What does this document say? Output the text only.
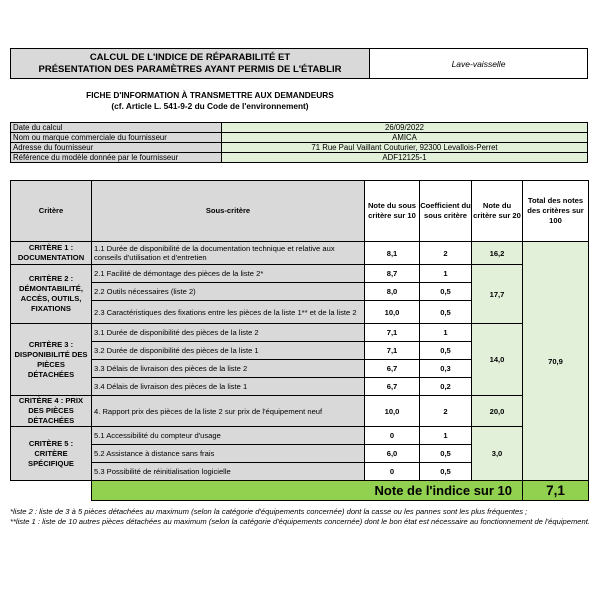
CALCUL DE L'INDICE DE RÉPARABILITÉ ET
PRÉSENTATION DES PARAMÈTRES AYANT PERMIS DE L'ÉTABLIR	Lave-vaisselle
FICHE D'INFORMATION À TRANSMETTRE AUX DEMANDEURS
(cf. Article L. 541-9-2 du Code de l'environnement)
Date du calcul	26/09/2022
Nom ou marque commerciale du fournisseur	AMICA
Adresse du fournisseur	71 Rue Paul Vaillant Couturier, 92300 Levallois-Perret
Référence du modèle donnée par le fournisseur	ADF12125-1
Critère	Sous-critère	Note du sous critère sur 10	Coefficient du sous critère	Note du critère sur 20	Total des notes des critères sur 100
CRITÈRE 1 : DOCUMENTATION	1.1 Durée de disponibilité de la documentation technique et relative aux conseils d'utilisation et d'entretien	8,1	2	16,2	70,9
CRITÈRE 2 : DÉMONTABILITÉ, ACCÈS, OUTILS, FIXATIONS	2.1 Facilité de démontage des pièces de la liste 2*	8,7	1	17,7	
	2.2 Outils nécessaires (liste 2)	8,0	0,5		
	2.3 Caractéristiques des fixations entre les pièces de la liste 1** et de la liste 2	10,0	0,5		
CRITÈRE 3 : DISPONIBILITÉ DES PIÈCES DÉTACHÉES	3.1 Durée de disponibilité des pièces de la liste 2	7,1	1	14,0	
	3.2 Durée de disponibilité des pièces de la liste 1	7,1	0,5		
	3.3 Délais de livraison des pièces de la liste 2	6,7	0,3		
	3.4 Délais de livraison des pièces de la liste 1	6,7	0,2		
CRITÈRE 4 : PRIX DES PIÈCES DÉTACHÉES	4. Rapport prix des pièces de la liste 2 sur prix de l'équipement neuf	10,0	2	20,0	
CRITÈRE 5 : CRITÈRE SPÉCIFIQUE	5.1 Accessibilité du compteur d'usage	0	1	3,0	
	5.2 Assistance à distance sans frais	6,0	0,5		
	5.3 Possibilité de réinitialisation logicielle	0	0,5		
	Note de l'indice sur 10				7,1
*liste 2 : liste de 3 à 5 pièces détachées au maximum (selon la catégorie d'équipements concernée) dont la casse ou les pannes sont les plus fréquentes ;
**liste 1 : liste de 10 autres pièces détachées au maximum (selon la catégorie d'équipements concernée) dont le bon état est nécessaire au fonctionnement de l'équipement.
